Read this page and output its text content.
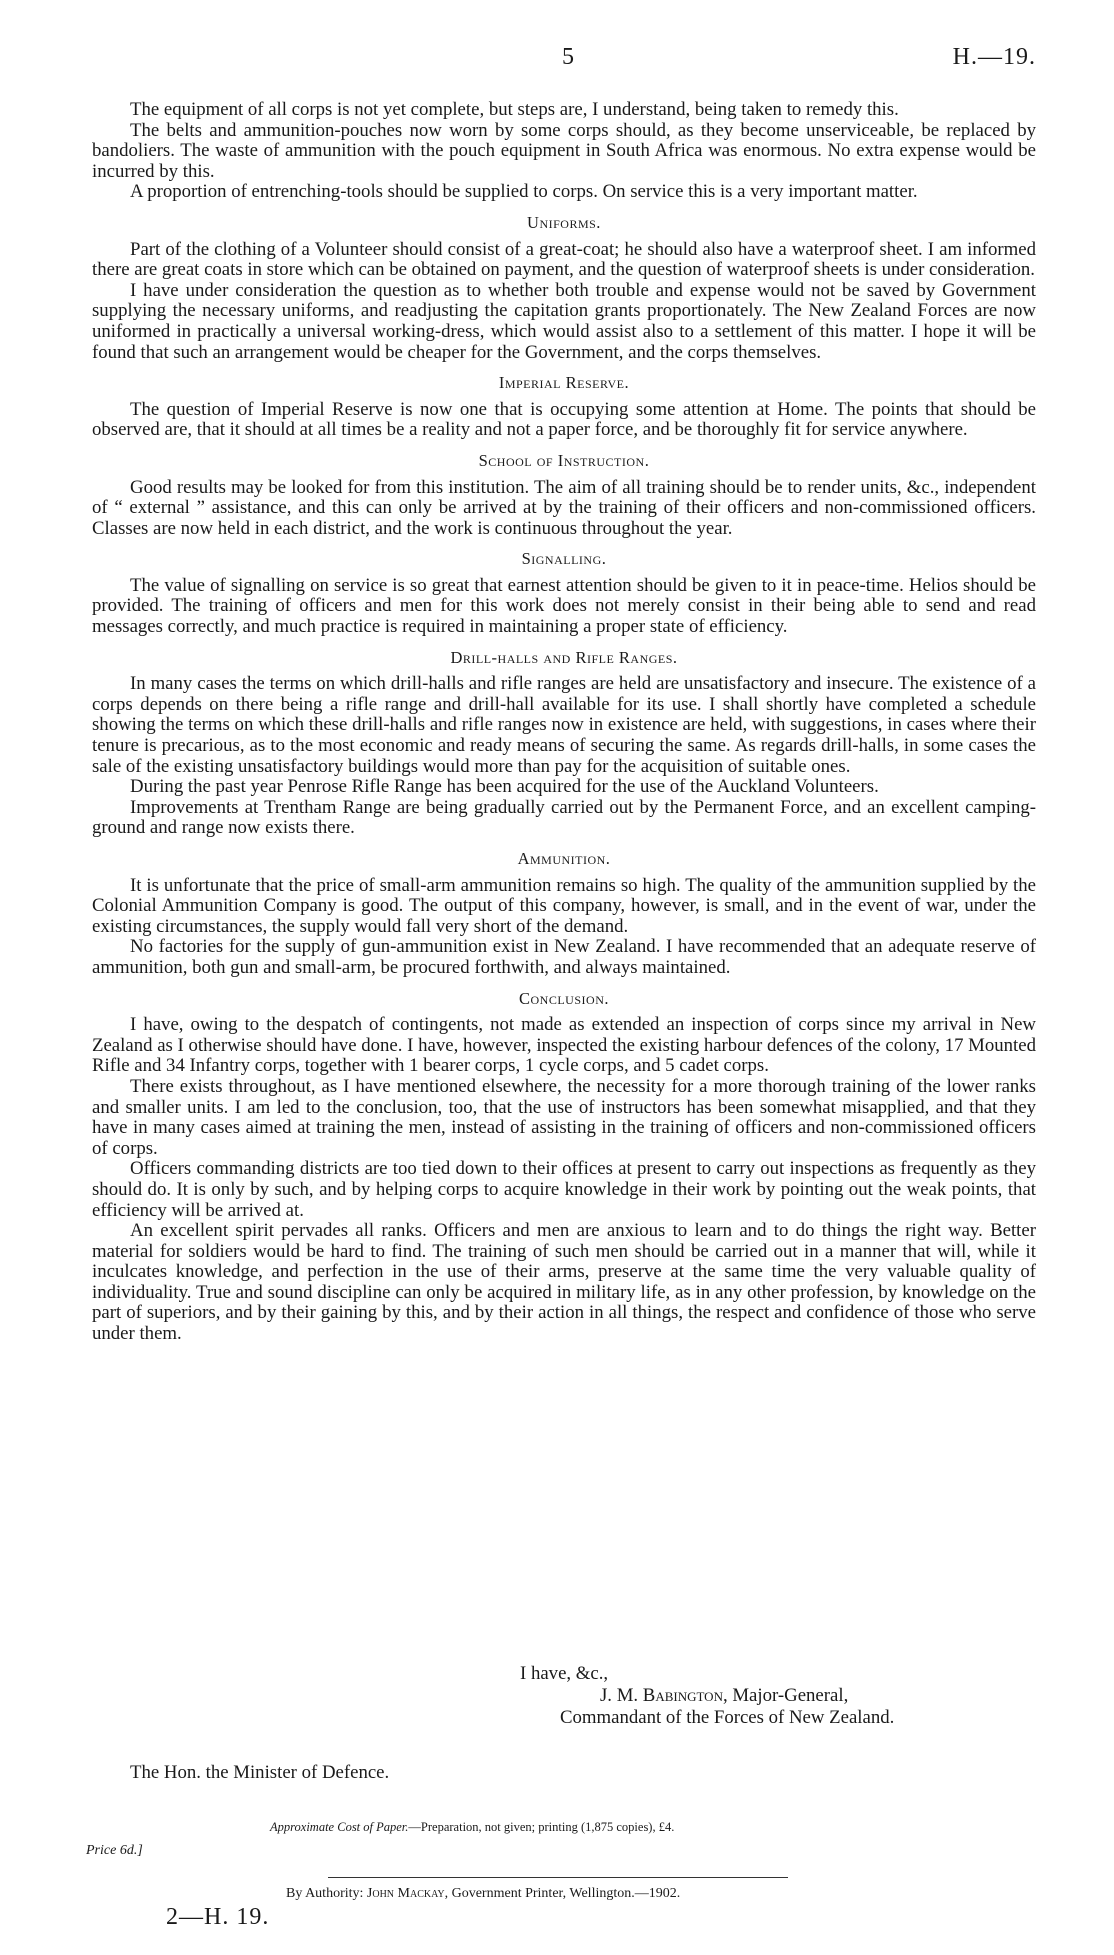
5	H.—19.

The equipment of all corps is not yet complete, but steps are, I understand, being taken to remedy this.

The belts and ammunition-pouches now worn by some corps should, as they become unserviceable, be replaced by bandoliers. The waste of ammunition with the pouch equipment in South Africa was enormous. No extra expense would be incurred by this.

A proportion of entrenching-tools should be supplied to corps. On service this is a very important matter.

Uniforms.

Part of the clothing of a Volunteer should consist of a great-coat; he should also have a waterproof sheet. I am informed there are great coats in store which can be obtained on payment, and the question of waterproof sheets is under consideration.

I have under consideration the question as to whether both trouble and expense would not be saved by Government supplying the necessary uniforms, and readjusting the capitation grants proportionately. The New Zealand Forces are now uniformed in practically a universal working-dress, which would assist also to a settlement of this matter. I hope it will be found that such an arrangement would be cheaper for the Government, and the corps themselves.

Imperial Reserve.

The question of Imperial Reserve is now one that is occupying some attention at Home. The points that should be observed are, that it should at all times be a reality and not a paper force, and be thoroughly fit for service anywhere.

School of Instruction.

Good results may be looked for from this institution. The aim of all training should be to render units, &c., independent of “ external ” assistance, and this can only be arrived at by the training of their officers and non-commissioned officers. Classes are now held in each district, and the work is continuous throughout the year.

Signalling.

The value of signalling on service is so great that earnest attention should be given to it in peace-time. Helios should be provided. The training of officers and men for this work does not merely consist in their being able to send and read messages correctly, and much practice is required in maintaining a proper state of efficiency.

Drill-halls and Rifle Ranges.

In many cases the terms on which drill-halls and rifle ranges are held are unsatisfactory and insecure. The existence of a corps depends on there being a rifle range and drill-hall available for its use. I shall shortly have completed a schedule showing the terms on which these drill-halls and rifle ranges now in existence are held, with suggestions, in cases where their tenure is precarious, as to the most economic and ready means of securing the same. As regards drill-halls, in some cases the sale of the existing unsatisfactory buildings would more than pay for the acquisition of suitable ones.

During the past year Penrose Rifle Range has been acquired for the use of the Auckland Volunteers.

Improvements at Trentham Range are being gradually carried out by the Permanent Force, and an excellent camping-ground and range now exists there.

Ammunition.

It is unfortunate that the price of small-arm ammunition remains so high. The quality of the ammunition supplied by the Colonial Ammunition Company is good. The output of this company, however, is small, and in the event of war, under the existing circumstances, the supply would fall very short of the demand.

No factories for the supply of gun-ammunition exist in New Zealand. I have recommended that an adequate reserve of ammunition, both gun and small-arm, be procured forthwith, and always maintained.

Conclusion.

I have, owing to the despatch of contingents, not made as extended an inspection of corps since my arrival in New Zealand as I otherwise should have done. I have, however, inspected the existing harbour defences of the colony, 17 Mounted Rifle and 34 Infantry corps, together with 1 bearer corps, 1 cycle corps, and 5 cadet corps.

There exists throughout, as I have mentioned elsewhere, the necessity for a more thorough training of the lower ranks and smaller units. I am led to the conclusion, too, that the use of instructors has been somewhat misapplied, and that they have in many cases aimed at training the men, instead of assisting in the training of officers and non-commissioned officers of corps.

Officers commanding districts are too tied down to their offices at present to carry out inspections as frequently as they should do. It is only by such, and by helping corps to acquire knowledge in their work by pointing out the weak points, that efficiency will be arrived at.

An excellent spirit pervades all ranks. Officers and men are anxious to learn and to do things the right way. Better material for soldiers would be hard to find. The training of such men should be carried out in a manner that will, while it inculcates knowledge, and perfection in the use of their arms, preserve at the same time the very valuable quality of individuality. True and sound discipline can only be acquired in military life, as in any other profession, by knowledge on the part of superiors, and by their gaining by this, and by their action in all things, the respect and confidence of those who serve under them.

I have, &c.,
J. M. Babington, Major-General,
Commandant of the Forces of New Zealand.
The Hon. the Minister of Defence.
Approximate Cost of Paper.—Preparation, not given; printing (1,875 copies), £4.
Price 6d.]
By Authority: John Mackay, Government Printer, Wellington.—1902.
2—H. 19.
